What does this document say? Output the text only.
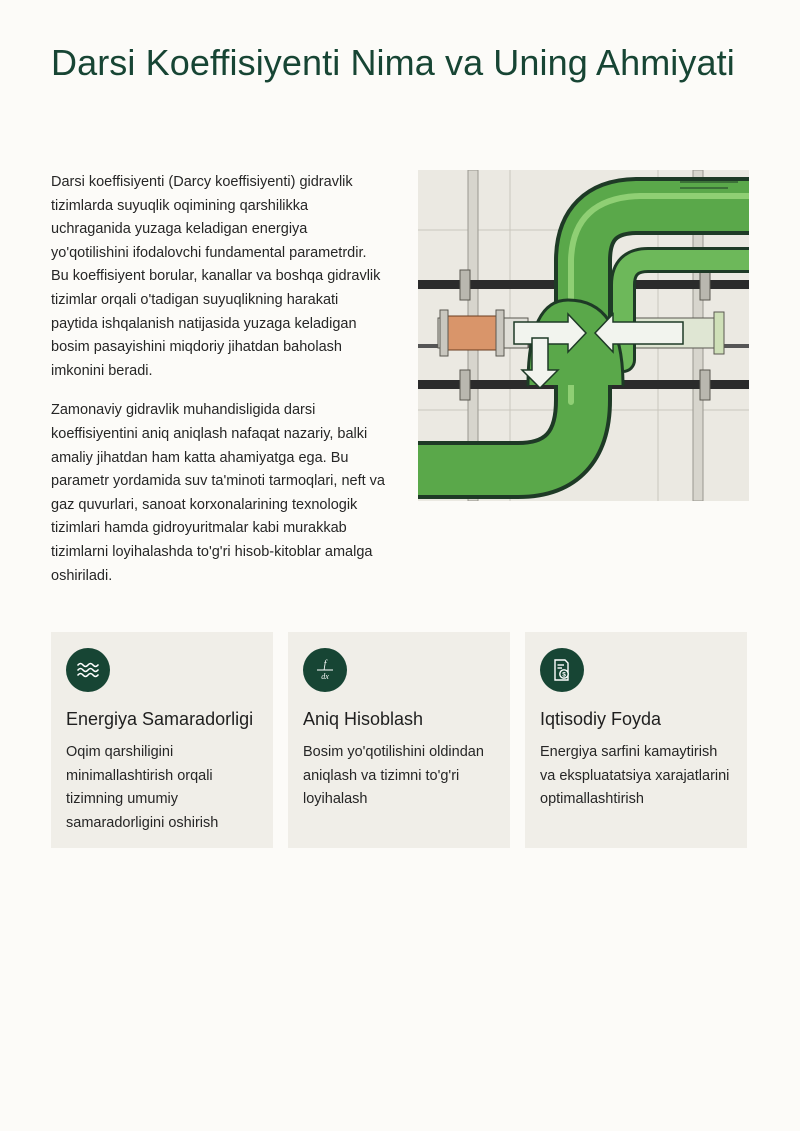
Darsi Koeffisiyenti Nima va Uning Ahmiyati

Darsi koeffisiyenti (Darcy koeffisiyenti) gidravlik tizimlarda suyuqlik oqimining qarshilikka uchraganida yuzaga keladigan energiya yo'qotilishini ifodalovchi fundamental parametrdir. Bu koeffisiyent borular, kanallar va boshqa gidravlik tizimlar orqali o'tadigan suyuqlikning harakati paytida ishqalanish natijasida yuzaga keladigan bosim pasayishini miqdoriy jihatdan baholash imkonini beradi.

Zamonaviy gidravlik muhandisligida darsi koeffisiyentini aniq aniqlash nafaqat nazariy, balki amaliy jihatdan ham katta ahamiyatga ega. Bu parametr yordamida suv ta'minoti tarmoqlari, neft va gaz quvurlari, sanoat korxonalarining texnologik tizimlari hamda gidroyuritmalar kabi murakkab tizimlarni loyihalashda to'g'ri hisob-kitoblar amalga oshiriladi.

Energiya Samaradorligi

Oqim qarshiligini minimallashtirish orqali tizimning umumiy samaradorligini oshirish

f
dx
Aniq Hisoblash

Bosim yo'qotilishini oldindan aniqlash va tizimni to'g'ri loyihalash

$
Iqtisodiy Foyda

Energiya sarfini kamaytirish va ekspluatatsiya xarajatlarini optimallashtirish
